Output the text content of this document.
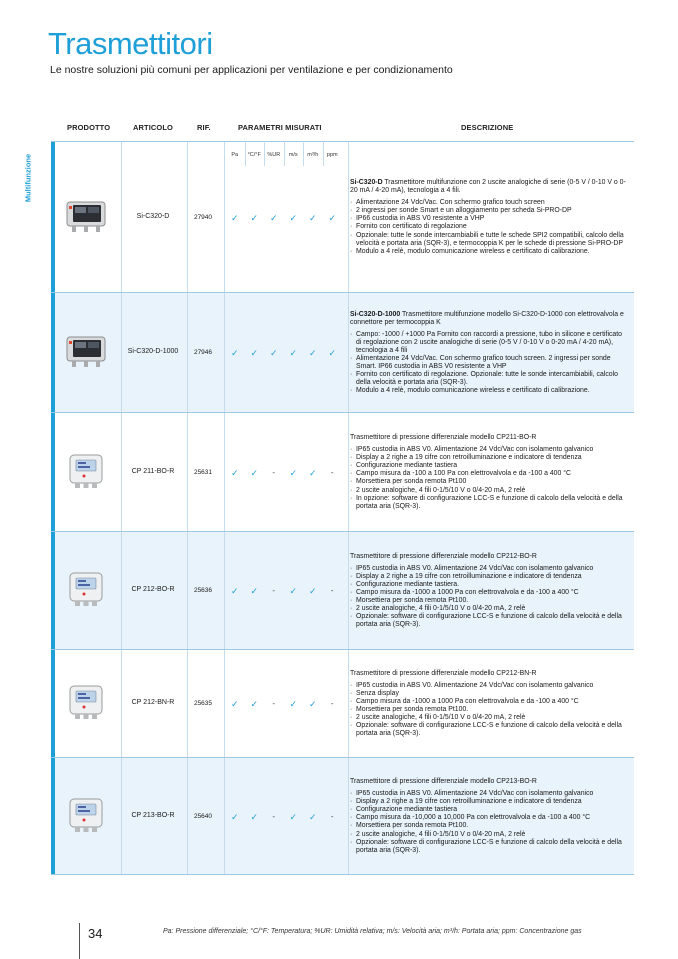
Trasmettitori
Le nostre soluzioni più comuni per applicazioni per ventilazione e per condizionamento
Multifunzione
PRODOTTO	ARTICOLO	RIF.	PARAMETRI MISURATI	DESCRIZIONE
Si-C320-D	27940	✓	✓	✓	✓	✓	✓
Si-C320-D Trasmettitore multifunzione con 2 uscite analogiche di serie (0-5 V / 0-10 V o 0-20 mA / 4-20 mA), tecnologia a 4 fili.
· Alimentazione 24 Vdc/Vac. Con schermo grafico touch screen
· 2 ingressi per sonde Smart e un alloggiamento per scheda Si-PRO-DP
· IP66 custodia in ABS V0 resistente a VHP
· Fornito con certificato di regolazione
· Opzionale: tutte le sonde intercambiabili e tutte le schede SPI2 compatibili, calcolo della velocità e portata aria (SQR-3), e termocoppia K per le schede di pressione Si-PRO-DP
· Modulo a 4 relè, modulo comunicazione wireless e certificato di calibrazione.
Si-C320-D-1000	27946	✓	✓	✓	✓	✓	✓
Si-C320-D-1000 Trasmettitore multifunzione modello Si-C320-D-1000 con elettrovalvola e connettore per termocoppia K
· Campo: -1000 / +1000 Pa Fornito con raccordi a pressione, tubo in silicone e certificato di regolazione con 2 uscite analogiche di serie (0-5 V / 0-10 V o 0-20 mA / 4-20 mA), tecnologia a 4 fili
· Alimentazione 24 Vdc/Vac. Con schermo grafico touch screen. 2 ingressi per sonde Smart. IP66 custodia in ABS V0 resistente a VHP
· Fornito con certificato di regolazione. Opzionale: tutte le sonde intercambiabili, calcolo della velocità e portata aria (SQR-3).
· Modulo a 4 relè, modulo comunicazione wireless e certificato di calibrazione.
CP 211-BO-R	25631	✓	✓	-	✓	✓	-
Trasmettitore di pressione differenziale modello CP211-BO-R
· IP65 custodia in ABS V0. Alimentazione 24 Vdc/Vac con isolamento galvanico
· Display a 2 righe a 19 cifre con retroilluminazione e indicatore di tendenza
· Configurazione mediante tastiera
· Campo misura da -100 a 100 Pa con elettrovalvola e da -100 a 400 °C
· Morsettiera per sonda remota Pt100
· 2 uscite analogiche, 4 fili 0-1/5/10 V o 0/4-20 mA, 2 relè
· In opzione: software di configurazione LCC-S e funzione di calcolo della velocità e della portata aria (SQR-3).
CP 212-BO-R	25636	✓	✓	-	✓	✓	-
Trasmettitore di pressione differenziale modello CP212-BO-R
· IP65 custodia in ABS V0. Alimentazione 24 Vdc/Vac con isolamento galvanico
· Display a 2 righe a 19 cifre con retroilluminazione e indicatore di tendenza
· Configurazione mediante tastiera.
· Campo misura da -1000 a 1000 Pa con elettrovalvola e da -100 a 400 °C
· Morsettiera per sonda remota Pt100.
· 2 uscite analogiche, 4 fili 0-1/5/10 V o 0/4-20 mA, 2 relè
· Opzionale: software di configurazione LCC-S e funzione di calcolo della velocità e della portata aria (SQR-3).
CP 212-BN-R	25635	✓	✓	-	✓	✓	-
Trasmettitore di pressione differenziale modello CP212-BN-R
· IP65 custodia in ABS V0. Alimentazione 24 Vdc/Vac con isolamento galvanico
· Senza display
· Campo misura da -1000 a 1000 Pa con elettrovalvola e da -100 a 400 °C
· Morsettiera per sonda remota Pt100.
· 2 uscite analogiche, 4 fili 0-1/5/10 V o 0/4-20 mA, 2 relè
· Opzionale: software di configurazione LCC-S e funzione di calcolo della velocità e della portata aria (SQR-3).
CP 213-BO-R	25640	✓	✓	-	✓	✓	-
Trasmettitore di pressione differenziale modello CP213-BO-R
· IP65 custodia in ABS V0. Alimentazione 24 Vdc/Vac con isolamento galvanico
· Display a 2 righe a 19 cifre con retroilluminazione e indicatore di tendenza
· Configurazione mediante tastiera
· Campo misura da -10,000 a 10,000 Pa con elettrovalvola e da -100 a 400 °C
· Morsettiera per sonda remota Pt100.
· 2 uscite analogiche, 4 fili 0-1/5/10 V o 0/4-20 mA, 2 relè
· Opzionale: software di configurazione LCC-S e funzione di calcolo della velocità e della portata aria (SQR-3).
Pa	°C/°F	%UR	m/s	m³/h	ppm
34	Pa: Pressione differenziale; °C/°F: Temperatura; %UR: Umidità relativa; m/s: Velocità aria; m³/h: Portata aria; ppm: Concentrazione gas
